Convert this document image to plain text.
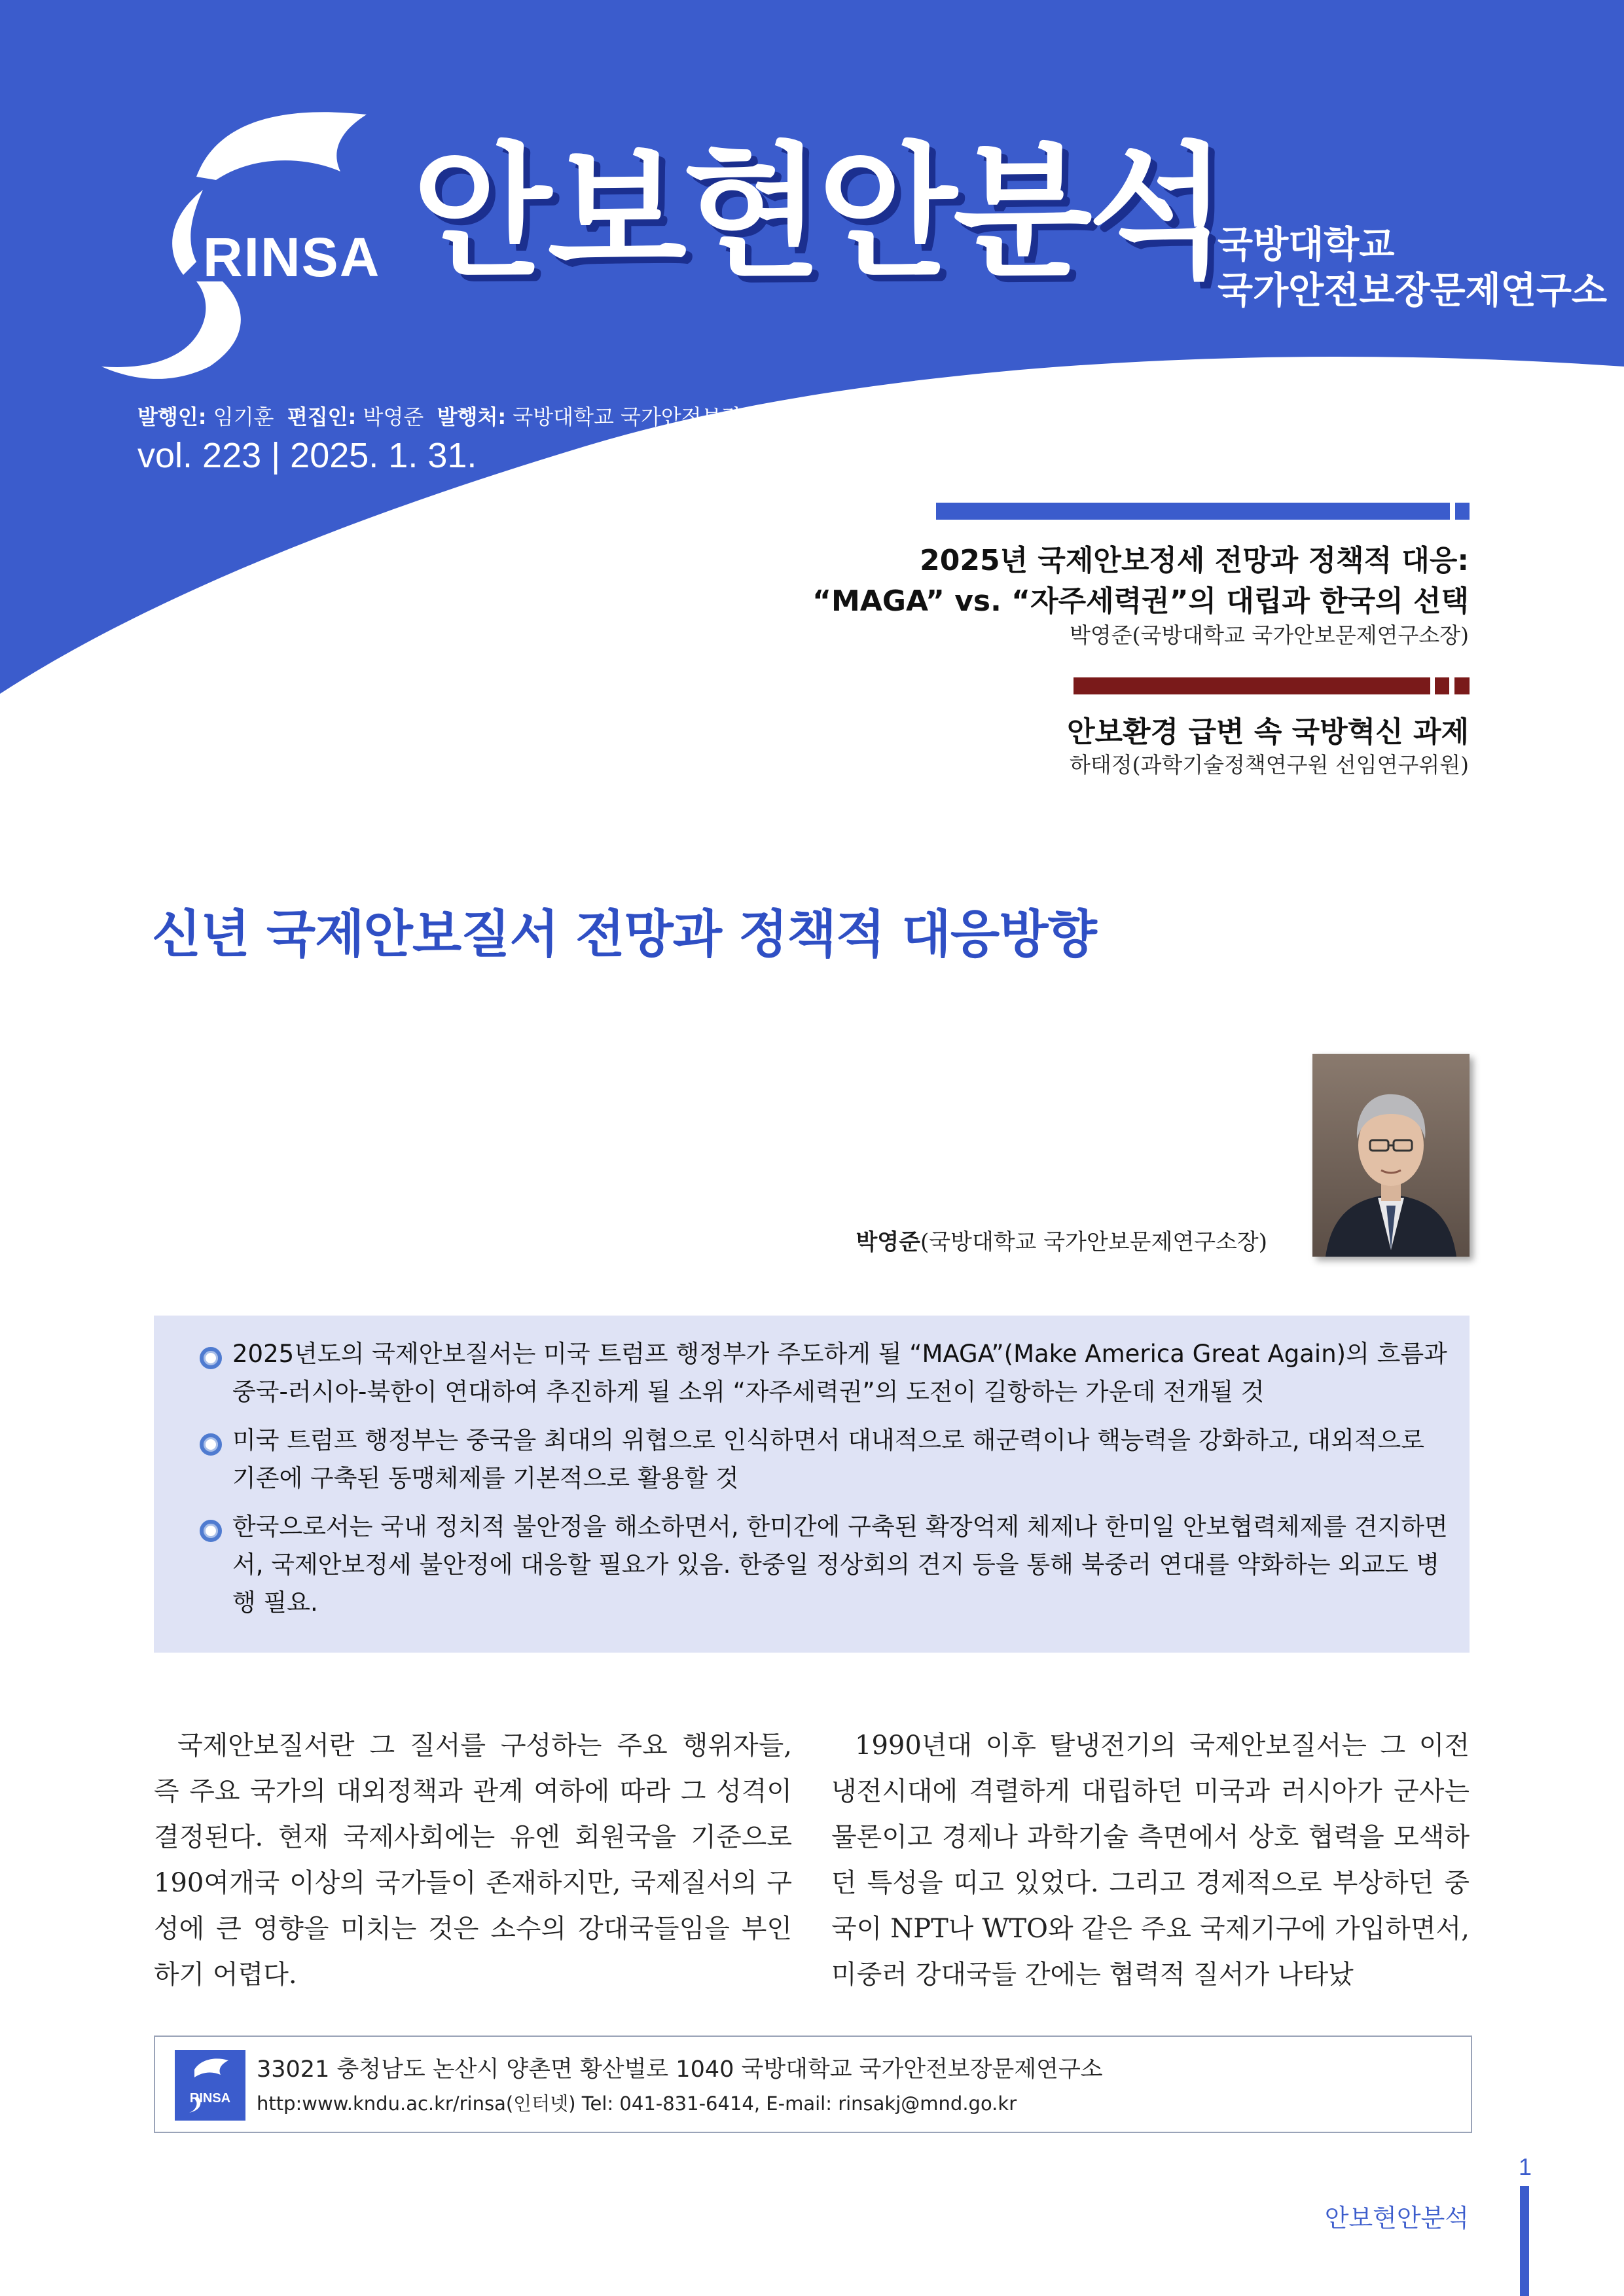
RINSA 안보현안분석
국방대학교
국가안전보장문제연구소
발행인: 임기훈 편집인: 박영준 발행처: 국방대학교 국가안전보장문제연구소
vol. 223 | 2025. 1. 31.
2025년 국제안보정세 전망과 정책적 대응:
“MAGA” vs. “자주세력권”의 대립과 한국의 선택
박영준(국방대학교 국가안보문제연구소장)
안보환경 급변 속 국방혁신 과제
하태정(과학기술정책연구원 선임연구위원)
신년 국제안보질서 전망과 정책적 대응방향
박영준(국방대학교 국가안보문제연구소장)
2025년도의 국제안보질서는 미국 트럼프 행정부가 주도하게 될 “MAGA”(Make America Great Again)의 흐름과 중국-러시아-북한이 연대하여 추진하게 될 소위 “자주세력권”의 도전이 길항하는 가운데 전개될 것
미국 트럼프 행정부는 중국을 최대의 위협으로 인식하면서 대내적으로 해군력이나 핵능력을 강화하고, 대외적으로 기존에 구축된 동맹체제를 기본적으로 활용할 것
한국으로서는 국내 정치적 불안정을 해소하면서, 한미간에 구축된 확장억제 체제나 한미일 안보협력체제를 견지하면서, 국제안보정세 불안정에 대응할 필요가 있음. 한중일 정상회의 견지 등을 통해 북중러 연대를 약화하는 외교도 병행 필요.
국제안보질서란 그 질서를 구성하는 주요 행위자들, 즉 주요 국가의 대외정책과 관계 여하에 따라 그 성격이 결정된다. 현재 국제사회에는 유엔 회원국을 기준으로 190여개국 이상의 국가들이 존재하지만, 국제질서의 구성에 큰 영향을 미치는 것은 소수의 강대국들임을 부인하기 어렵다.
1990년대 이후 탈냉전기의 국제안보질서는 그 이전 냉전시대에 격렬하게 대립하던 미국과 러시아가 군사는 물론이고 경제나 과학기술 측면에서 상호 협력을 모색하던 특성을 띠고 있었다. 그리고 경제적으로 부상하던 중국이 NPT나 WTO와 같은 주요 국제기구에 가입하면서, 미중러 강대국들 간에는 협력적 질서가 나타났
RINSA
33021 충청남도 논산시 양촌면 황산벌로 1040 국방대학교 국가안전보장문제연구소
http:www.kndu.ac.kr/rinsa(인터넷) Tel: 041-831-6414, E-mail: rinsakj@mnd.go.kr
1
안보현안분석
